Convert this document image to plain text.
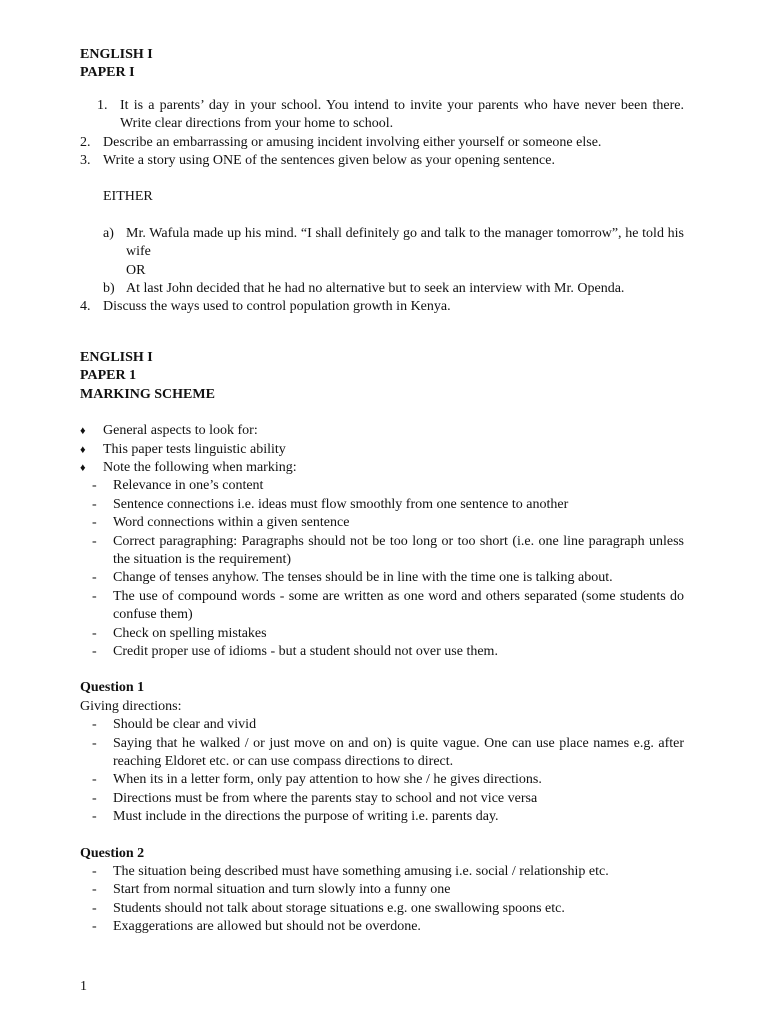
ENGLISH I
PAPER I
1. It is a parents’ day in your school. You intend to invite your parents who have never been there. Write clear directions from your home to school.
2. Describe an embarrassing or amusing incident involving either yourself or someone else.
3. Write a story using ONE of the sentences given below as your opening sentence.
EITHER
a) Mr. Wafula made up his mind. “I shall definitely go and talk to the manager tomorrow”, he told his wife
OR
b) At last John decided that he had no alternative but to seek an interview with Mr. Openda.
4. Discuss the ways used to control population growth in Kenya.
ENGLISH I
PAPER 1
MARKING SCHEME
♦ General aspects to look for:
♦ This paper tests linguistic ability
♦ Note the following when marking:
- Relevance in one’s content
- Sentence connections i.e. ideas must flow smoothly from one sentence to another
- Word connections within a given sentence
- Correct paragraphing: Paragraphs should not be too long or too short (i.e. one line paragraph unless the situation is the requirement)
- Change of tenses anyhow. The tenses should be in line with the time one is talking about.
- The use of compound words - some are written as one word and others separated (some students do confuse them)
- Check on spelling mistakes
- Credit proper use of idioms - but a student should not over use them.
Question 1
Giving directions:
- Should be clear and vivid
- Saying that he walked / or just move on and on) is quite vague. One can use place names e.g. after reaching Eldoret etc. or can use compass directions to direct.
- When its in a letter form, only pay attention to how she / he gives directions.
- Directions must be from where the parents stay to school and not vice versa
- Must include in the directions the purpose of writing i.e. parents day.
Question 2
- The situation being described must have something amusing i.e. social / relationship etc.
- Start from normal situation and turn slowly into a funny one
- Students should not talk about storage situations e.g. one swallowing spoons etc.
- Exaggerations are allowed but should not be overdone.
1
